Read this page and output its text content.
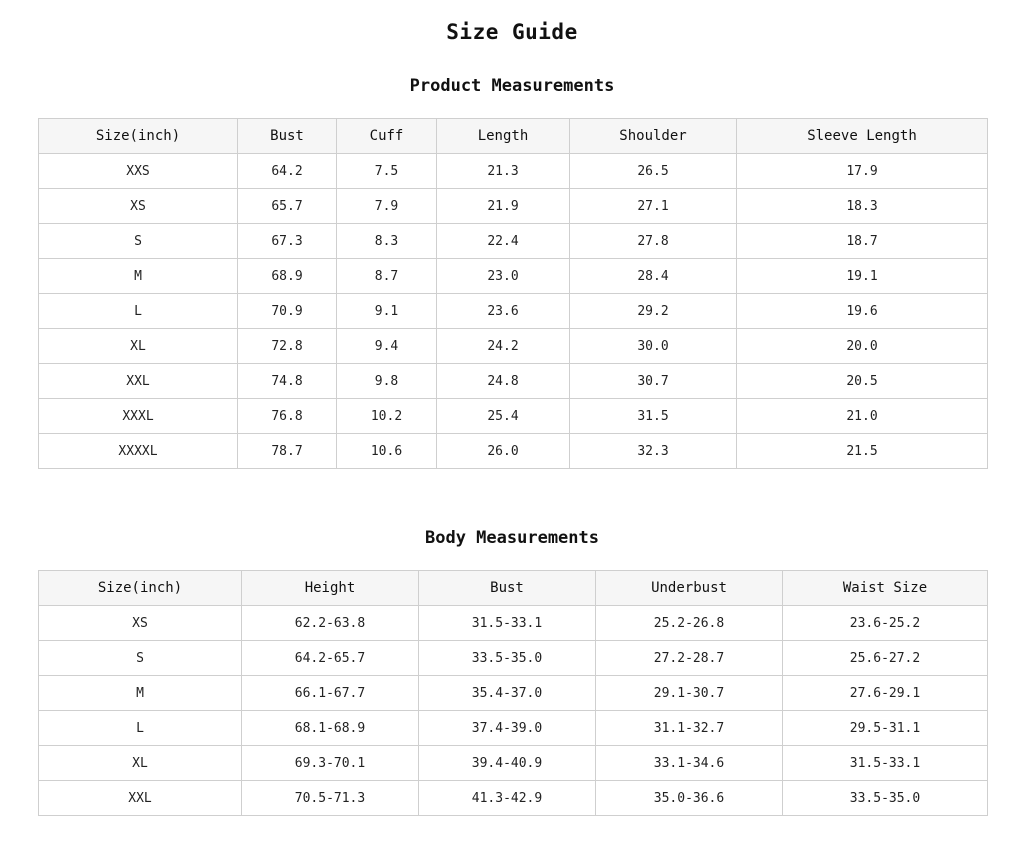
Size Guide
Product Measurements
Size(inch)	Bust	Cuff	Length	Shoulder	Sleeve Length
XXS	64.2	7.5	21.3	26.5	17.9
XS	65.7	7.9	21.9	27.1	18.3
S	67.3	8.3	22.4	27.8	18.7
M	68.9	8.7	23.0	28.4	19.1
L	70.9	9.1	23.6	29.2	19.6
XL	72.8	9.4	24.2	30.0	20.0
XXL	74.8	9.8	24.8	30.7	20.5
XXXL	76.8	10.2	25.4	31.5	21.0
XXXXL	78.7	10.6	26.0	32.3	21.5
Body Measurements
Size(inch)	Height	Bust	Underbust	Waist Size
XS	62.2-63.8	31.5-33.1	25.2-26.8	23.6-25.2
S	64.2-65.7	33.5-35.0	27.2-28.7	25.6-27.2
M	66.1-67.7	35.4-37.0	29.1-30.7	27.6-29.1
L	68.1-68.9	37.4-39.0	31.1-32.7	29.5-31.1
XL	69.3-70.1	39.4-40.9	33.1-34.6	31.5-33.1
XXL	70.5-71.3	41.3-42.9	35.0-36.6	33.5-35.0
